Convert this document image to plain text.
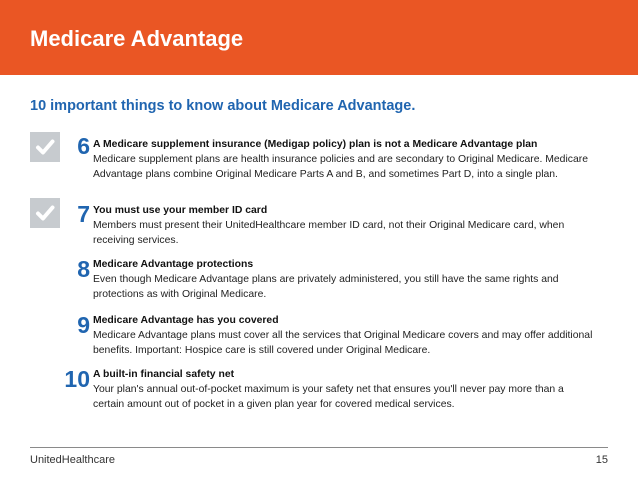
Medicare Advantage
10 important things to know about Medicare Advantage.
6 A Medicare supplement insurance (Medigap policy) plan is not a Medicare Advantage plan
Medicare supplement plans are health insurance policies and are secondary to Original Medicare. Medicare Advantage plans combine Original Medicare Parts A and B, and sometimes Part D, into a single plan.
7 You must use your member ID card
Members must present their UnitedHealthcare member ID card, not their Original Medicare card, when receiving services.
8 Medicare Advantage protections
Even though Medicare Advantage plans are privately administered, you still have the same rights and protections as with Original Medicare.
9 Medicare Advantage has you covered
Medicare Advantage plans must cover all the services that Original Medicare covers and may offer additional benefits. Important: Hospice care is still covered under Original Medicare.
10 A built-in financial safety net
Your plan's annual out-of-pocket maximum is your safety net that ensures you'll never pay more than a certain amount out of pocket in a given plan year for covered medical services.
UnitedHealthcare	15
